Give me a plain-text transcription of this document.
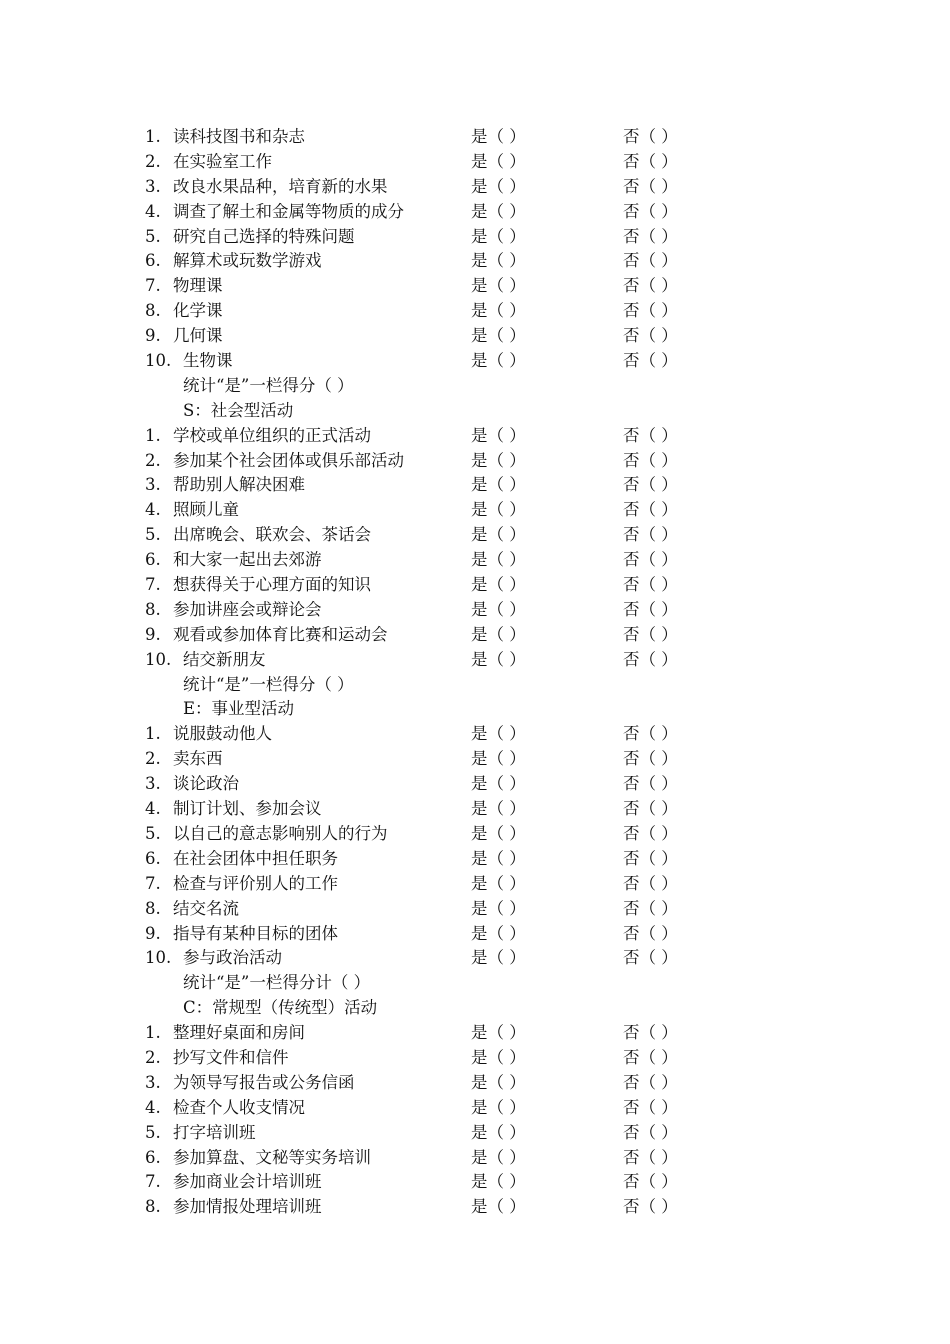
1. 读科技图书和杂志	是（ ）	否（ ）
2. 在实验室工作	是（ ）	否（ ）
3. 改良水果品种，培育新的水果	是（ ）	否（ ）
4. 调查了解土和金属等物质的成分	是（ ）	否（ ）
5. 研究自己选择的特殊问题	是（ ）	否（ ）
6. 解算术或玩数学游戏	是（ ）	否（ ）
7. 物理课	是（ ）	否（ ）
8. 化学课	是（ ）	否（ ）
9. 几何课	是（ ）	否（ ）
10. 生物课	是（ ）	否（ ）
统计“是”一栏得分（ ）
S：社会型活动
1. 学校或单位组织的正式活动	是（ ）	否（ ）
2. 参加某个社会团体或俱乐部活动	是（ ）	否（ ）
3. 帮助别人解决困难	是（ ）	否（ ）
4. 照顾儿童	是（ ）	否（ ）
5. 出席晚会、联欢会、茶话会	是（ ）	否（ ）
6. 和大家一起出去郊游	是（ ）	否（ ）
7. 想获得关于心理方面的知识	是（ ）	否（ ）
8. 参加讲座会或辩论会	是（ ）	否（ ）
9. 观看或参加体育比赛和运动会	是（ ）	否（ ）
10. 结交新朋友	是（ ）	否（ ）
统计“是”一栏得分（ ）
E：事业型活动
1. 说服鼓动他人	是（ ）	否（ ）
2. 卖东西	是（ ）	否（ ）
3. 谈论政治	是（ ）	否（ ）
4. 制订计划、参加会议	是（ ）	否（ ）
5. 以自己的意志影响别人的行为	是（ ）	否（ ）
6. 在社会团体中担任职务	是（ ）	否（ ）
7. 检查与评价别人的工作	是（ ）	否（ ）
8. 结交名流	是（ ）	否（ ）
9. 指导有某种目标的团体	是（ ）	否（ ）
10. 参与政治活动	是（ ）	否（ ）
统计“是”一栏得分计（ ）
C：常规型（传统型）活动
1. 整理好桌面和房间	是（ ）	否（ ）
2. 抄写文件和信件	是（ ）	否（ ）
3. 为领导写报告或公务信函	是（ ）	否（ ）
4. 检查个人收支情况	是（ ）	否（ ）
5. 打字培训班	是（ ）	否（ ）
6. 参加算盘、文秘等实务培训	是（ ）	否（ ）
7. 参加商业会计培训班	是（ ）	否（ ）
8. 参加情报处理培训班	是（ ）	否（ ）
